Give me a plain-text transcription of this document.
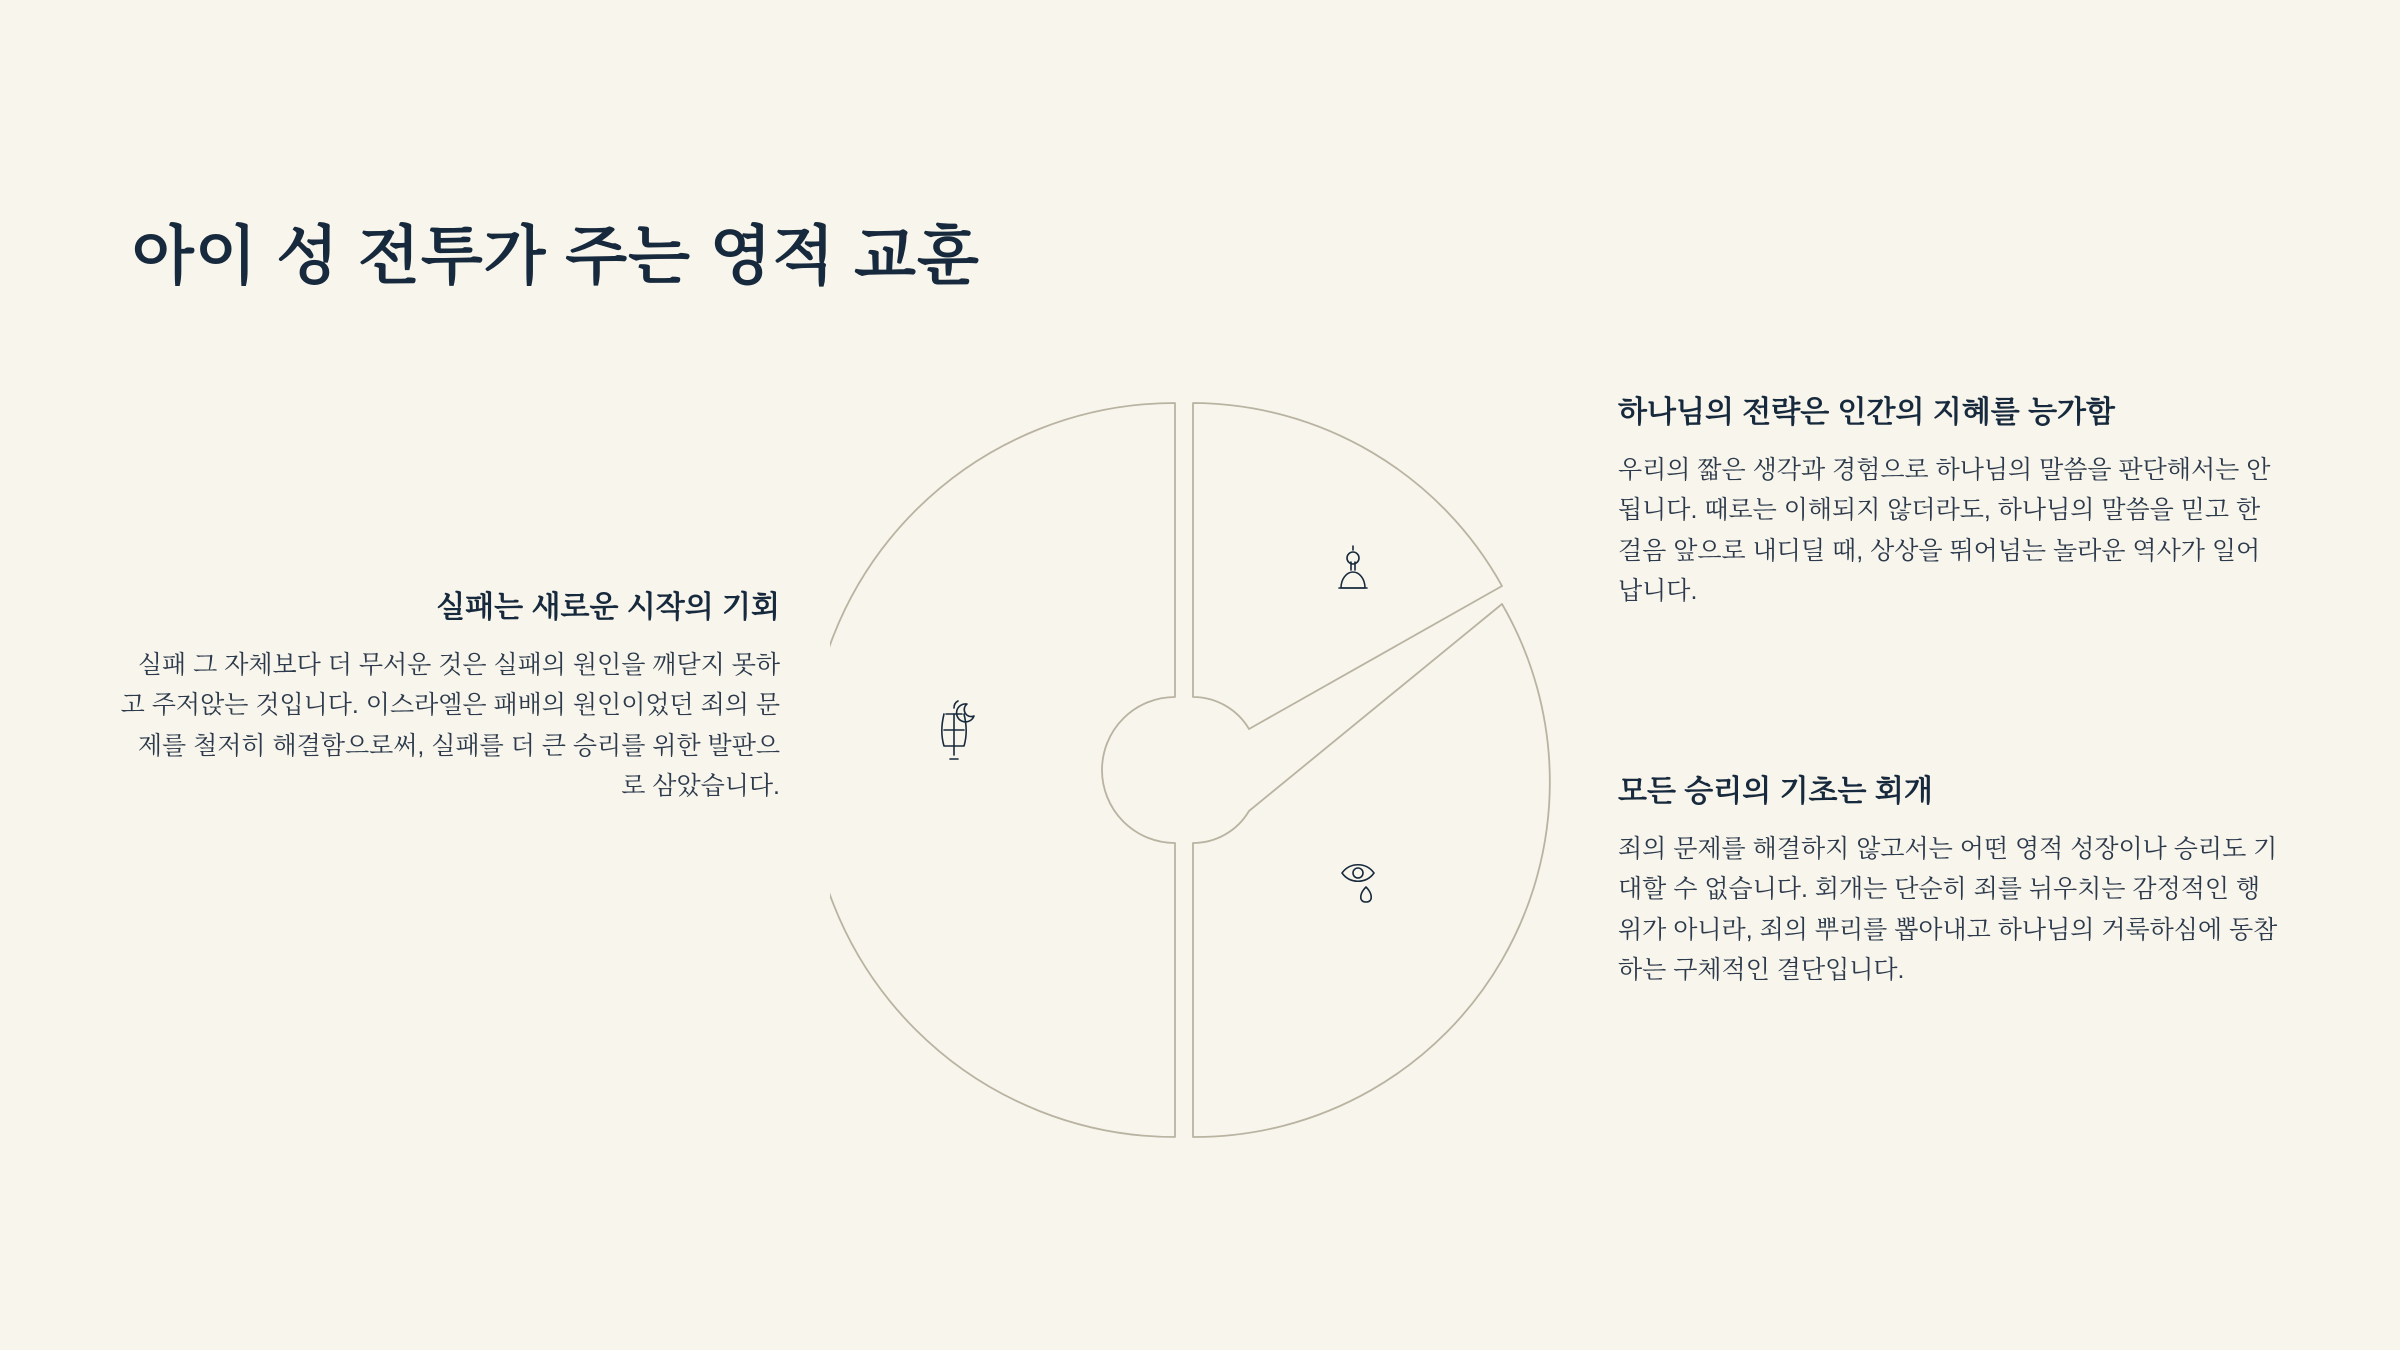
아이 성 전투가 주는 영적 교훈
하나님의 전략은 인간의 지혜를 능가함

우리의 짧은 생각과 경험으로 하나님의 말씀을 판단해서는 안 됩니다. 때로는 이해되지 않더라도, 하나님의 말씀을 믿고 한 걸음 앞으로 내디딜 때, 상상을 뛰어넘는 놀라운 역사가 일어납니다.

모든 승리의 기초는 회개

죄의 문제를 해결하지 않고서는 어떤 영적 성장이나 승리도 기대할 수 없습니다. 회개는 단순히 죄를 뉘우치는 감정적인 행위가 아니라, 죄의 뿌리를 뽑아내고 하나님의 거룩하심에 동참하는 구체적인 결단입니다.

실패는 새로운 시작의 기회

실패 그 자체보다 더 무서운 것은 실패의 원인을 깨닫지 못하고 주저앉는 것입니다. 이스라엘은 패배의 원인이었던 죄의 문제를 철저히 해결함으로써, 실패를 더 큰 승리를 위한 발판으로 삼았습니다.
